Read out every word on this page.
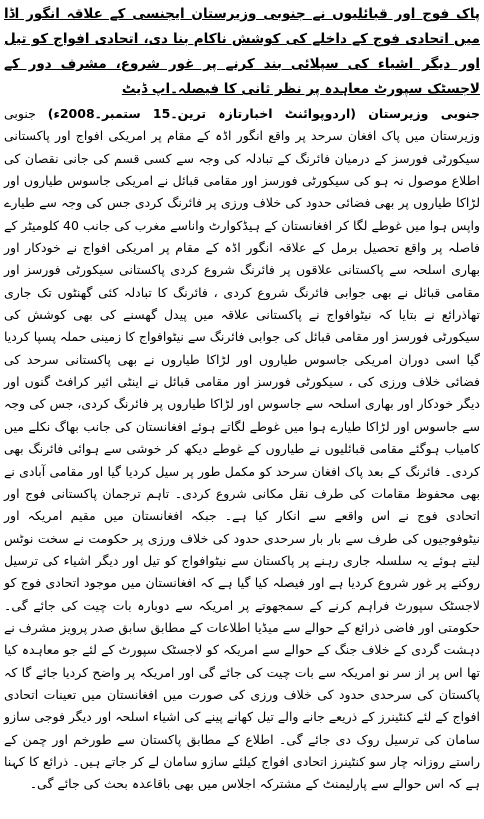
پاک فوج اور قبائلیوں نے جنوبی وزیرستان ایجنسی کے علاقہ انگور اڈا میں اتحادی فوج کے داخلے کی کوشش ناکام بنا دی، اتحادی افواج کو تیل اور دیگر اشیاء کی سپلائی بند کرنے پر غور شروع، مشرف دور کے لاجسٹک سپورٹ معاہدہ پر نظر ثانی کا فیصلہ۔اپ ڈیٹ

جنوبی وزیرستان (اردوپوائنٹ اخبارتازہ ترین۔15 ستمبر۔2008ء) جنوبی وزیرستان میں پاک افغان سرحد پر واقع انگور اڈہ کے مقام پر امریکی افواج اور پاکستانی سیکورٹی فورسز کے درمیان فائرنگ کے تبادلہ کی وجہ سے کسی قسم کی جانی نقصان کی اطلاع موصول نہ ہو کی سیکورٹی فورسز اور مقامی قبائل نے امریکی جاسوس طیاروں اور لڑاکا طیاروں پر بھی فضائی حدود کی خلاف ورزی پر فائرنگ کردی جس کی وجہ سے طیارے واپس ہوا میں غوطے لگا کر افغانستان کے ہیڈکوارٹ واناسے مغرب کی جانب 40 کلومیٹر کے فاصلہ پر واقع تحصیل برمل کے علاقہ انگور اڈہ کے مقام پر امریکی افواج نے خودکار اور بھاری اسلحہ سے پاکستانی علاقوں پر فائرنگ شروع کردی پاکستانی سیکورٹی فورسز اور مقامی قبائل نے بھی جوابی فائرنگ شروع کردی ، فائرنگ کا تبادلہ کئی گھنٹوں تک جاری تھاذرائع نے بتایا کہ نیٹوافواج نے پاکستانی علاقہ میں پیدل گھسنے کی بھی کوشش کی سیکورٹی فورسز اور مقامی قبائل کی جوابی فائرنگ سے نیٹوافواج کا زمینی حملہ پسپا کردیا گیا اسی دوران امریکی جاسوس طیاروں اور لڑاکا طیاروں نے بھی پاکستانی سرحد کی فضائی خلاف ورزی کی ، سیکورٹی فورسز اور مقامی قبائل نے اینٹی ائیر کرافٹ گنوں اور دیگر خودکار اور بھاری اسلحہ سے جاسوس اور لڑاکا طیاروں پر فائرنگ کردی، جس کی وجہ سے جاسوس اور لڑاکا طیارے ہوا میں غوطے لگاتے ہوئے افغانستان کی جانب بھاگ نکلے میں کامیاب ہوگئے مقامی قبائلیوں نے طیاروں کے غوطے دیکھ کر خوشی سے ہوائی فائرنگ بھی کردی۔ فائرنگ کے بعد پاک افغان سرحد کو مکمل طور پر سیل کردیا گیا اور مقامی آبادی نے بھی محفوظ مقامات کی طرف نقل مکانی شروع کردی۔ تاہم ترجمان پاکستانی فوج اور اتحادی فوج نے اس واقعے سے انکار کیا ہے۔ جبکہ افغانستان میں مقیم امریکہ اور نیٹوفوجیوں کی طرف سے بار بار سرحدی حدود کی خلاف ورزی پر حکومت نے سخت نوٹس لیتے ہوئے یہ سلسلہ جاری رہنے پر پاکستان سے نیٹوافواج کو تیل اور دیگر اشیاء کی ترسیل روکنے پر غور شروع کردیا ہے اور فیصلہ کیا گیا ہے کہ افغانستان میں موجود اتحادی فوج کو لاجسٹک سپورٹ فراہم کرنے کے سمجھوتے پر امریکہ سے دوبارہ بات چیت کی جائے گی۔ حکومتی اور فاضی ذرائع کے حوالے سے میڈیا اطلاعات کے مطابق سابق صدر پرویز مشرف نے دہشت گردی کے خلاف جنگ کے حوالے سے امریکہ کو لاجسٹک سپورٹ کے لئے جو معاہدہ کیا تھا اس پر از سر نو امریکہ سے بات چیت کی جائے گی اور امریکہ پر واضح کردیا جائے گا کہ پاکستان کی سرحدی حدود کی خلاف ورزی کی صورت میں افغانستان میں تعینات اتحادی افواج کے لئے کنٹینرز کے ذریعے جانے والے تیل کھانے پینے کی اشیاء اسلحہ اور دیگر فوجی سازو سامان کی ترسیل روک دی جائے گی۔ اطلاع کے مطابق پاکستان سے طورخم اور چمن کے راستے روزانہ چار سو کنٹینرز اتحادی افواج کیلئے سازو سامان لے کر جاتے ہیں۔ ذرائع کا کہنا ہے کہ اس حوالے سے پارلیمنٹ کے مشترکہ اجلاس میں بھی باقاعدہ بحث کی جائے گی۔
